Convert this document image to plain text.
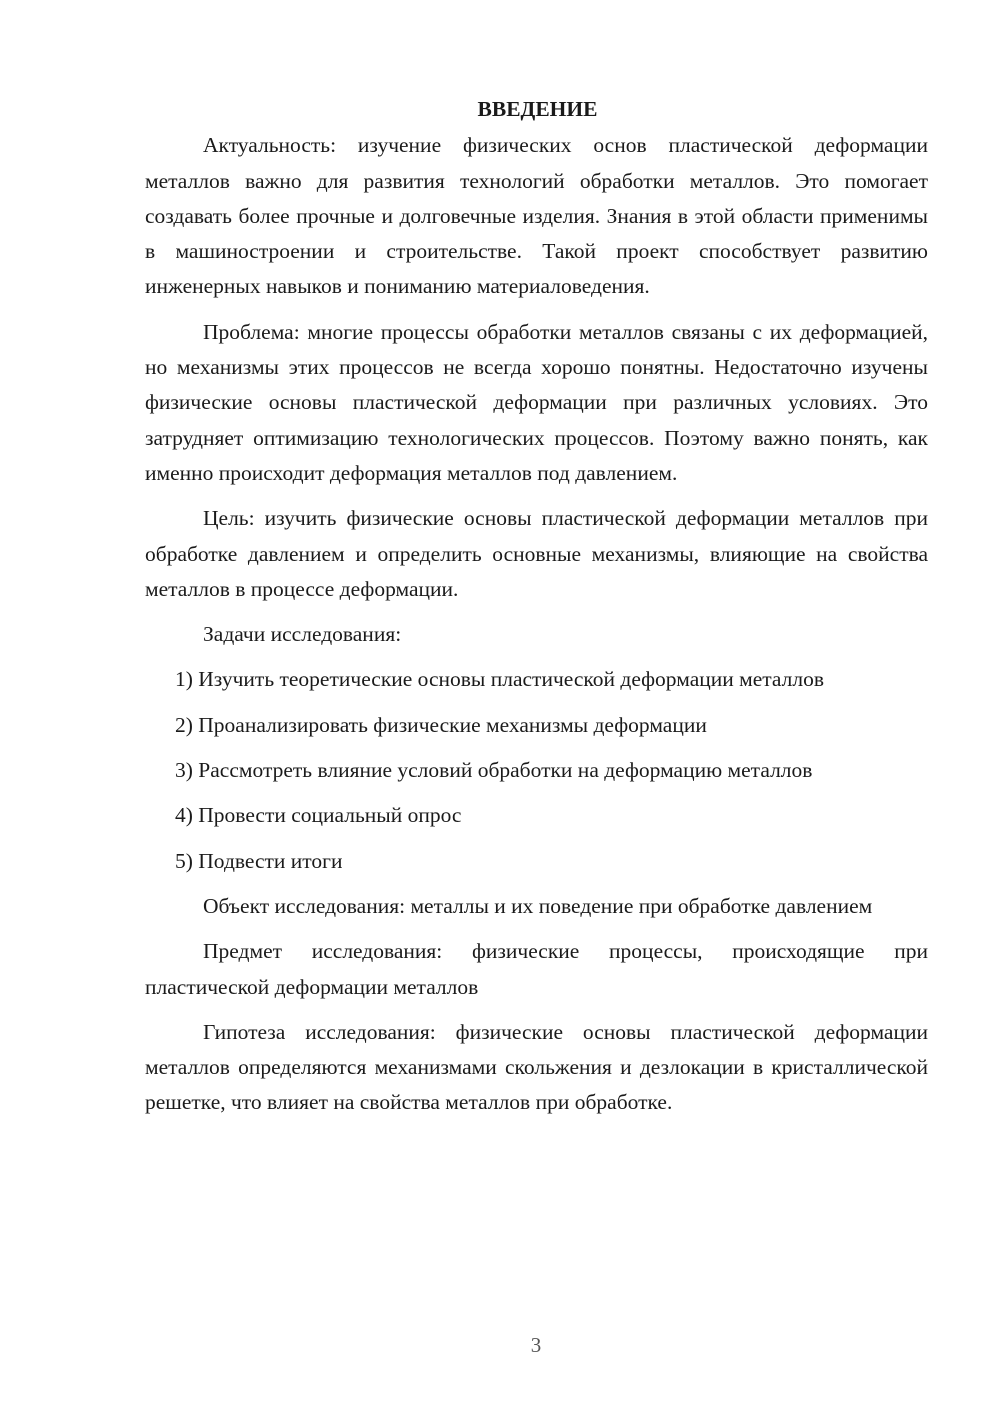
ВВЕДЕНИЕ

Актуальность: изучение физических основ пластической деформации металлов важно для развития технологий обработки металлов. Это помогает создавать более прочные и долговечные изделия. Знания в этой области применимы в машиностроении и строительстве. Такой проект способствует развитию инженерных навыков и пониманию материаловедения.

Проблема: многие процессы обработки металлов связаны с их деформацией, но механизмы этих процессов не всегда хорошо понятны. Недостаточно изучены физические основы пластической деформации при различных условиях. Это затрудняет оптимизацию технологических процессов. Поэтому важно понять, как именно происходит деформация металлов под давлением.

Цель: изучить физические основы пластической деформации металлов при обработке давлением и определить основные механизмы, влияющие на свойства металлов в процессе деформации.

Задачи исследования:

1) Изучить теоретические основы пластической деформации металлов
2) Проанализировать физические механизмы деформации
3) Рассмотреть влияние условий обработки на деформацию металлов
4) Провести социальный опрос
5) Подвести итоги

Объект исследования: металлы и их поведение при обработке давлением

Предмет исследования: физические процессы, происходящие при пластической деформации металлов

Гипотеза исследования: физические основы пластической деформации металлов определяются механизмами скольжения и дезлокации в кристаллической решетке, что влияет на свойства металлов при обработке.

3
